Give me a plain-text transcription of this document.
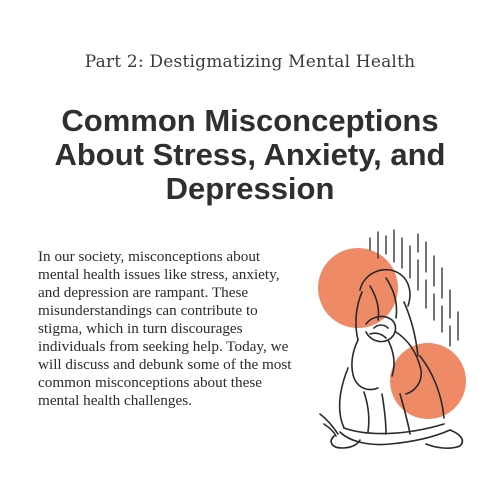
Part 2: Destigmatizing Mental Health

Common Misconceptions About Stress, Anxiety, and Depression

In our society, misconceptions about mental health issues like stress, anxiety, and depression are rampant. These misunderstandings can contribute to stigma, which in turn discourages individuals from seeking help. Today, we will discuss and debunk some of the most common misconceptions about these mental health challenges.
